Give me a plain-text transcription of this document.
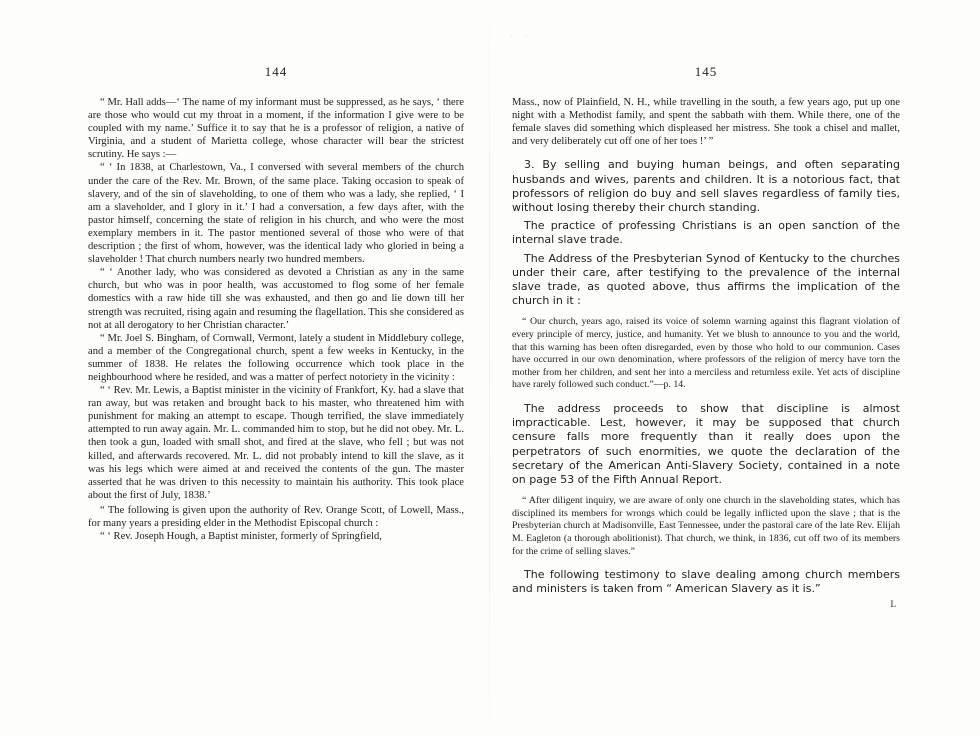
· ·
144

“ Mr. Hall adds—‘ The name of my informant must be suppressed, as he says, ‘ there are those who would cut my throat in a moment, if the information I give were to be coupled with my name.’ Suffice it to say that he is a professor of religion, a native of Virginia, and a student of Marietta college, whose character will bear the strictest scrutiny. He says :—

“ ‘ In 1838, at Charlestown, Va., I conversed with several members of the church under the care of the Rev. Mr. Brown, of the same place. Taking occasion to speak of slavery, and of the sin of slaveholding, to one of them who was a lady, she replied, ‘ I am a slaveholder, and I glory in it.’ I had a conversation, a few days after, with the pastor himself, concerning the state of religion in his church, and who were the most exemplary members in it. The pastor mentioned several of those who were of that description ; the first of whom, however, was the identical lady who gloried in being a slaveholder ! That church numbers nearly two hundred members.

“ ‘ Another lady, who was considered as devoted a Christian as any in the same church, but who was in poor health, was accustomed to flog some of her female domestics with a raw hide till she was exhausted, and then go and lie down till her strength was recruited, rising again and resuming the flagellation. This she considered as not at all derogatory to her Christian character.’

“ Mr. Joel S. Bingham, of Cornwall, Vermont, lately a student in Middlebury college, and a member of the Congregational church, spent a few weeks in Kentucky, in the summer of 1838. He relates the following occurrence which took place in the neighbourhood where he resided, and was a matter of perfect notoriety in the vicinity :

“ ‘ Rev. Mr. Lewis, a Baptist minister in the vicinity of Frankfort, Ky. had a slave that ran away, but was retaken and brought back to his master, who threatened him with punishment for making an attempt to escape. Though terrified, the slave immediately attempted to run away again. Mr. L. commanded him to stop, but he did not obey. Mr. L. then took a gun, loaded with small shot, and fired at the slave, who fell ; but was not killed, and afterwards recovered. Mr. L. did not probably intend to kill the slave, as it was his legs which were aimed at and received the contents of the gun. The master asserted that he was driven to this necessity to maintain his authority. This took place about the first of July, 1838.’

“ The following is given upon the authority of Rev. Orange Scott, of Lowell, Mass., for many years a presiding elder in the Methodist Episcopal church :

“ ‘ Rev. Joseph Hough, a Baptist minister, formerly of Springfield,

145

Mass., now of Plainfield, N. H., while travelling in the south, a few years ago, put up one night with a Methodist family, and spent the sabbath with them. While there, one of the female slaves did something which displeased her mistress. She took a chisel and mallet, and very deliberately cut off one of her toes !’ ”

3. By selling and buying human beings, and often separating husbands and wives, parents and children. It is a notorious fact, that professors of religion do buy and sell slaves regardless of family ties, without losing thereby their church standing.

The practice of professing Christians is an open sanction of the internal slave trade.

The Address of the Presbyterian Synod of Kentucky to the churches under their care, after testifying to the prevalence of the internal slave trade, as quoted above, thus affirms the implication of the church in it :

“ Our church, years ago, raised its voice of solemn warning against this flagrant violation of every principle of mercy, justice, and humanity. Yet we blush to announce to you and the world, that this warning has been often disregarded, even by those who hold to our communion. Cases have occurred in our own denomination, where professors of the religion of mercy have torn the mother from her children, and sent her into a merciless and returnless exile. Yet acts of discipline have rarely followed such conduct.”—p. 14.

The address proceeds to show that discipline is almost impracticable. Lest, however, it may be supposed that church censure falls more frequently than it really does upon the perpetrators of such enormities, we quote the declaration of the secretary of the American Anti-Slavery Society, contained in a note on page 53 of the Fifth Annual Report.

“ After diligent inquiry, we are aware of only one church in the slaveholding states, which has disciplined its members for wrongs which could be legally inflicted upon the slave ; that is the Presbyterian church at Madisonville, East Tennessee, under the pastoral care of the late Rev. Elijah M. Eagleton (a thorough abolitionist). That church, we think, in 1836, cut off two of its members for the crime of selling slaves.”

The following testimony to slave dealing among church members and ministers is taken from “ American Slavery as it is.”

L
